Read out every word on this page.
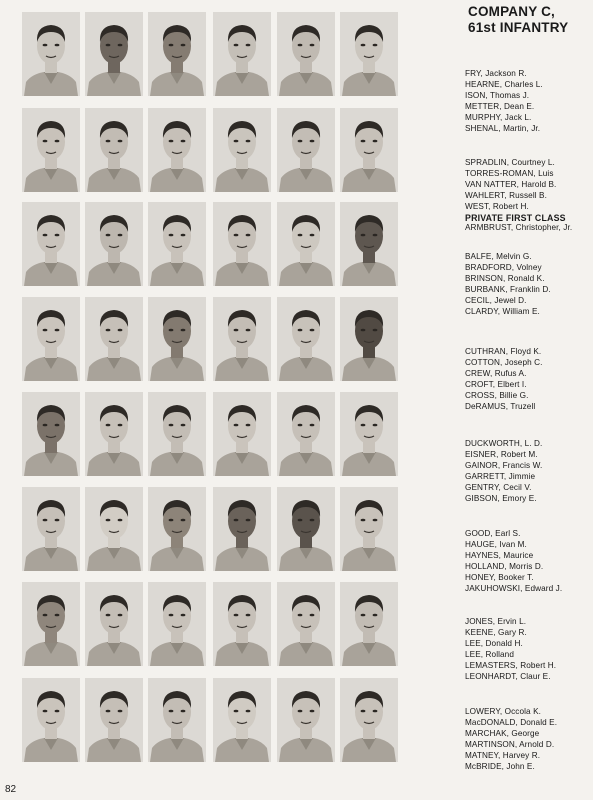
COMPANY C,
61st INFANTRY
FRY, Jackson R.
HEARNE, Charles L.
ISON, Thomas J.
METTER, Dean E.
MURPHY, Jack L.
SHENAL, Martin, Jr.
SPRADLIN, Courtney L.
TORRES-ROMAN, Luis
VAN NATTER, Harold B.
WAHLERT, Russell B.
WEST, Robert H.
PRIVATE FIRST CLASS
ARMBRUST, Christopher, Jr.
BALFE, Melvin G.
BRADFORD, Volney
BRINSON, Ronald K.
BURBANK, Franklin D.
CECIL, Jewel D.
CLARDY, William E.
CUTHRAN, Floyd K.
COTTON, Joseph C.
CREW, Rufus A.
CROFT, Elbert I.
CROSS, Billie G.
DeRAMUS, Truzell
DUCKWORTH, L. D.
EISNER, Robert M.
GAINOR, Francis W.
GARRETT, Jimmie
GENTRY, Cecil V.
GIBSON, Emory E.
GOOD, Earl S.
HAUGE, Ivan M.
HAYNES, Maurice
HOLLAND, Morris D.
HONEY, Booker T.
JAKUHOWSKI, Edward J.
JONES, Ervin L.
KEENE, Gary R.
LEE, Donald H.
LEE, Rolland
LEMASTERS, Robert H.
LEONHARDT, Claur E.
LOWERY, Occola K.
MacDONALD, Donald E.
MARCHAK, George
MARTINSON, Arnold D.
MATNEY, Harvey R.
McBRIDE, John E.
82
